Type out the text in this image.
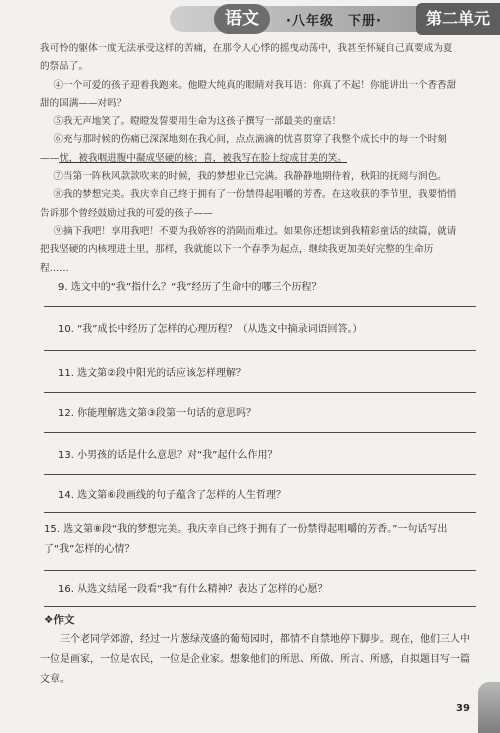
语文	·八年级　下册·	第二单元

我可怜的躯体一度无法承受这样的苦痛，在那令人心悸的摇曳动荡中，我甚至怀疑自己真要成为夏的祭品了。

④一个可爱的孩子迎着我跑来。他瞪大纯真的眼睛对我耳语：你真了不起！你能讲出一个香香甜甜的国满——对吗？

⑤我无声地笑了。瞪瞪发誓要用生命为这孩子撰写一部最美的童话！

⑥充与那时候的伤痛已深深地刻在我心间，点点滴滴的忧喜贯穿了我整个成长中的每一个时刻——忧，被我咽进腹中凝成坚硬的核；喜，被我写在脸上绽成甘美的笑。

⑦当第一阵秋风款款吹来的时候，我的梦想业已完满。我静静地期待着，秋阳的抚阅与润色。

⑧我的梦想完美。我庆幸自己终于拥有了一份禁得起咀嚼的芳香。在这收获的季节里，我要悄悄告诉那个曾经鼓励过我的可爱的孩子——

⑨摘下我吧！享用我吧！不要为我娇容的消陨而难过。如果你还想读到我精彩童话的续篇，就请把我坚硬的内核埋进土里，那样，我就能以下一个春季为起点，继续我更加美好完整的生命历程……

9. 选文中的“我”指什么？“我”经历了生命中的哪三个历程？
10. “我”成长中经历了怎样的心理历程？（从选文中摘录词语回答。）
11. 选文第②段中阳光的话应该怎样理解？
12. 你能理解选文第③段第一句话的意思吗？
13. 小男孩的话是什么意思？对“我”起什么作用？
14. 选文第⑥段画线的句子蕴含了怎样的人生哲理？
15. 选文第⑧段“我的梦想完美。我庆幸自己终于拥有了一份禁得起咀嚼的芳香。”一句话写出了“我”怎样的心情？
16. 从选文结尾一段看“我”有什么精神？表达了怎样的心愿？
❖作文
三个老同学郊游，经过一片葱绿茂盛的葡萄园时，都情不自禁地停下脚步。现在，他们三人中一位是画家，一位是农民，一位是企业家。想象他们的所思、所做、所言、所感，自拟题目写一篇文章。
39
